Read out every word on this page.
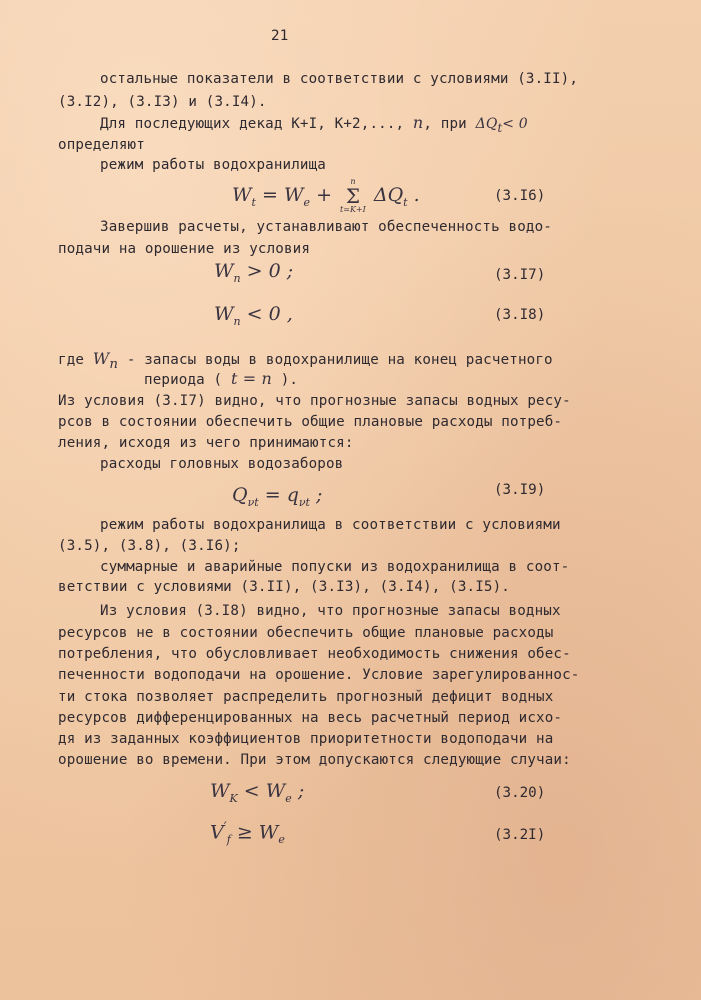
21
остальные показатели в соответствии с условиями (3.II),
(3.I2), (3.I3) и (3.I4).
Для последующих декад K+I, K+2,..., n, при $\Delta Q_t< 0$
определяют
режим работы водохранилища
$W_t = W_e$ +
n
Σ
t=K+I
$\Delta Q_t$ .	(3.I6)
Завершив расчеты, устанавливают обеспеченность водо-
подачи на орошение из условия
$W_n > 0$ ;	(3.I7)
$W_n < 0$ ,	(3.I8)
где $W_n$ - запасы воды в водохранилище на конец расчетного
периода ( t = n ).
Из условия (3.I7) видно, что прогнозные запасы водных ресу-
рсов в состоянии обеспечить общие плановые расходы потреб-
ления, исходя из чего принимаются:
расходы головных водозаборов
$Q_{\nu t} = q_{\nu t}$ ;	(3.I9)
режим работы водохранилища в соответствии с условиями
(3.5), (3.8), (3.I6);
суммарные и аварийные попуски из водохранилища в соот-
ветствии с условиями (3.II), (3.I3), (3.I4), (3.I5).
Из условия (3.I8) видно, что прогнозные запасы водных
ресурсов не в состоянии обеспечить общие плановые расходы
потребления, что обусловливает необходимость снижения обес-
печенности водоподачи на орошение. Условие зарегулированнос-
ти стока позволяет распределить прогнозный дефицит водных
ресурсов дифференцированных на весь расчетный период исхо-
дя из заданных коэффициентов приоритетности водоподачи на
орошение во времени. При этом допускаются следующие случаи:
$W_K < W_e$ ;	(3.20)
$V'_f \ge W_e$	(3.2I)
